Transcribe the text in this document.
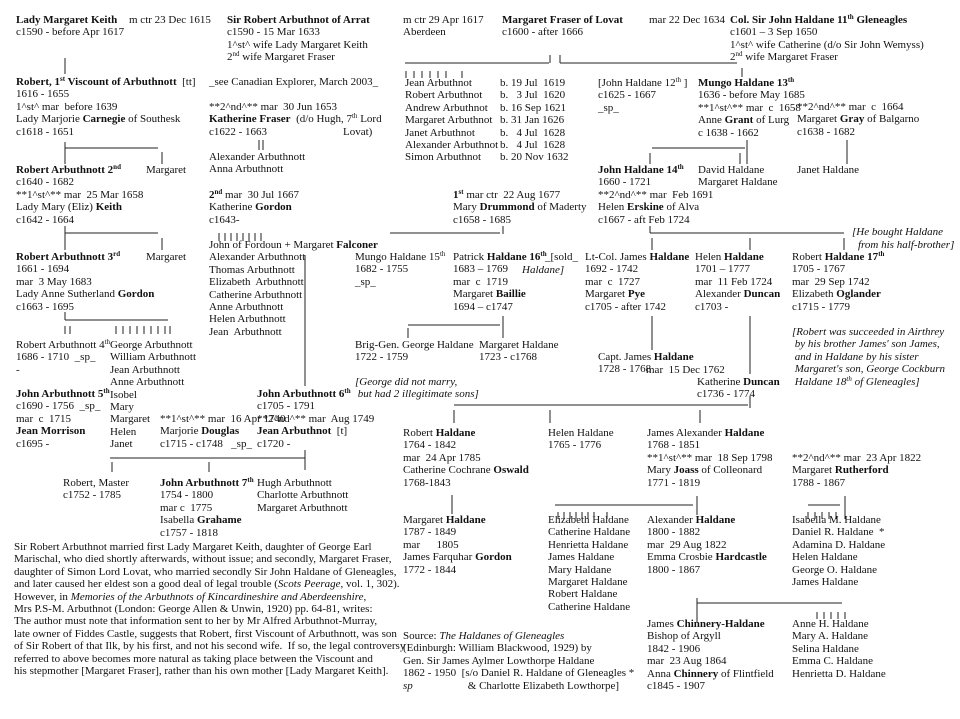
Lady Margaret Keith
c1590 - before Apr 1617
m ctr 23 Dec 1615 Sir Robert Arbuthnot of Arrat
c1590 - 15 Mar 1633
1^st^ wife Lady Margaret Keith
2nd wife Margaret Fraser
m ctr 29 Apr 1617
Aberdeen
Margaret Fraser of Lovat
c1600 - after 1666
mar 22 Dec 1634 Col. Sir John Haldane 11th Gleneagles
c1601 – 3 Sep 1650
1^st^ wife Catherine (d/o Sir John Wemyss)
2nd wife Margaret Fraser
Robert, 1st Viscount of Arbuthnott  [tt]
1616 - 1655
1^st^ mar  before 1639
Lady Marjorie Carnegie of Southesk
c1618 - 1651
_see Canadian Explorer, March 2003_
**2^nd^** mar  30 Jun 1653
Katherine Fraser  (d/o Hugh, 7th Lord
c1622 - 1663	Lovat)
Alexander Arbuthnott
Anna Arbuthnott
Robert Arbuthnott 2nd
c1640 - 1682
**1^st^** mar  25 Mar 1658
Lady Mary (Eliz) Keith
c1642 - 1664
Margaret
2nd mar  30 Jul 1667
Katherine Gordon
c1643-
John of Fordoun + Margaret Falconer
Alexander Arbuthnott
Thomas Arbuthnott
Elizabeth  Arbuthnott
Catherine Arbuthnott
Anne Arbuthnott
Helen Arbuthnott
Jean  Arbuthnott
Jean Arbuthnot
Robert Arbuthnot
Andrew Arbuthnot
Margaret Arbuthnot
Janet Arbuthnot
Alexander Arbuthnot
Simon Arbuthnot
b. 19 Jul  1619
b.   3 Jul  1620
b. 16 Sep 1621
b. 31 Jan 1626
b.   4 Jul  1628
b.   4 Jul  1628
b. 20 Nov 1632
[John Haldane 12th ]
c1625 - 1667
_sp_
Mungo Haldane 13th
1636 - before May 1685
**1^st^** mar  c  1658
Anne Grant of Lurg
c 1638 - 1662
**2^nd^** mar  c  1664
Margaret Gray of Balgarno
c1638 - 1682
John Haldane 14th
1660 - 1721
**2^nd^** mar  Feb 1691
Helen Erskine of Alva
c1667 - aft Feb 1724
David Haldane
Margaret Haldane
Janet Haldane
1st mar ctr  22 Aug 1677
Mary Drummond of Maderty
c1658 - 1685
[He bought Haldane
from his half-brother]
Robert Arbuthnott 3rd
1661 - 1694
mar  3 May 1683
Lady Anne Sutherland Gordon
c1663 - 1695
Margaret
Robert Arbuthnott 4th
1686 - 1710  _sp_
-
George Arbuthnott
William Arbuthnott
Jean Arbuthnott
Anne Arbuthnott
Isobel
Mary
Margaret
Helen
Janet
John Arbuthnott 5th
c1690 - 1756  _sp_
mar  c  1715
Jean Morrison
c1695 -
**1^st^** mar  16 Apr 1740
Marjorie Douglas
c1715 - c1748   _sp_
John Arbuthnott 6th
c1705 - 1791
**2^nd^** mar  Aug 1749
Jean Arbuthnot  [t]
c1720 -
Mungo Haldane 15th
1682 - 1755
_sp_
Patrick Haldane 16th
1683 – 1769
mar  c  1719
Margaret Baillie
1694 – c1747
_[sold_
Haldane]
Lt-Col. James Haldane
1692 - 1742
mar  c  1727
Margaret Pye
c1705 - after 1742
Helen Haldane
1701 – 1777
mar  11 Feb 1724
Alexander Duncan
c1703 -
Robert Haldane 17th
1705 - 1767
mar  29 Sep 1742
Elizabeth Oglander
c1715 - 1779
[Robert was succeeded in Airthrey
by his brother James' son James,
and in Haldane by his sister
Margaret's son, George Cockburn
Haldane 18th of Gleneagles]
Brig-Gen. George Haldane
1722 - 1759
Margaret Haldane
1723 - c1768	Capt. James Haldane
1728 - 1768
mar  15 Dec 1762
Katherine Duncan
c1736 - 1774
[George did not marry,
but had 2 illegitimate sons]
Robert Haldane
1764 - 1842
mar  24 Apr 1785
Catherine Cochrane Oswald
1768-1843
Helen Haldane
1765 - 1776
James Alexander Haldane
1768 - 1851
**1^st^** mar  18 Sep 1798
Mary Joass of Colleonard
1771 - 1819
**2^nd^** mar  23 Apr 1822
Margaret Rutherford
1788 - 1867
Robert, Master
c1752 - 1785
John Arbuthnott 7th
1754 - 1800
mar c  1775
Isabella Grahame
c1757 - 1818
Hugh Arbuthnott
Charlotte Arbuthnott
Margaret Arbuthnott
Margaret Haldane
1787 - 1849
mar      1805
James Farquhar Gordon
1772 - 1844
Elizabeth Haldane
Catherine Haldane
Henrietta Haldane
James Haldane
Mary Haldane
Margaret Haldane
Robert Haldane
Catherine Haldane
Alexander Haldane
1800 - 1882
mar  29 Aug 1822
Emma Crosbie Hardcastle
1800 - 1867
Isabella M. Haldane
Daniel R. Haldane  *
Adamina D. Haldane
Helen Haldane
George O. Haldane
James Haldane
James Chinnery-Haldane
Bishop of Argyll
1842 - 1906
mar  23 Aug 1864
Anna Chinnery of Flintfield
c1845 - 1907
Anne H. Haldane
Mary A. Haldane
Selina Haldane
Emma C. Haldane
Henrietta D. Haldane
Source: The Haldanes of Gleneagles
(Edinburgh: William Blackwood, 1929) by
Gen. Sir James Aylmer Lowthorpe Haldane
1862 - 1950  [s/o Daniel R. Haldane of Gleneagles *
sp                    & Charlotte Elizabeth Lowthorpe]
Sir Robert Arbuthnot married first Lady Margaret Keith, daughter of George Earl
Marischal, who died shortly afterwards, without issue; and secondly, Margaret Fraser,
daughter of Simon Lord Lovat, who married secondly Sir John Haldane of Gleneagles,
and later caused her eldest son a good deal of legal trouble (Scots Peerage, vol. 1, 302).
However, in Memories of the Arbuthnots of Kincardineshire and Aberdeenshire,
Mrs P.S-M. Arbuthnot (London: George Allen & Unwin, 1920) pp. 64-81, writes:
The author must note that information sent to her by Mr Alfred Arbuthnot-Murray,
late owner of Fiddes Castle, suggests that Robert, first Viscount of Arbuthnott, was son
of Sir Robert of that Ilk, by his first, and not his second wife.  If so, the legal controversy
referred to above becomes more natural as taking place between the Viscount and
his stepmother [Margaret Fraser], rather than his own mother [Lady Margaret Keith].
